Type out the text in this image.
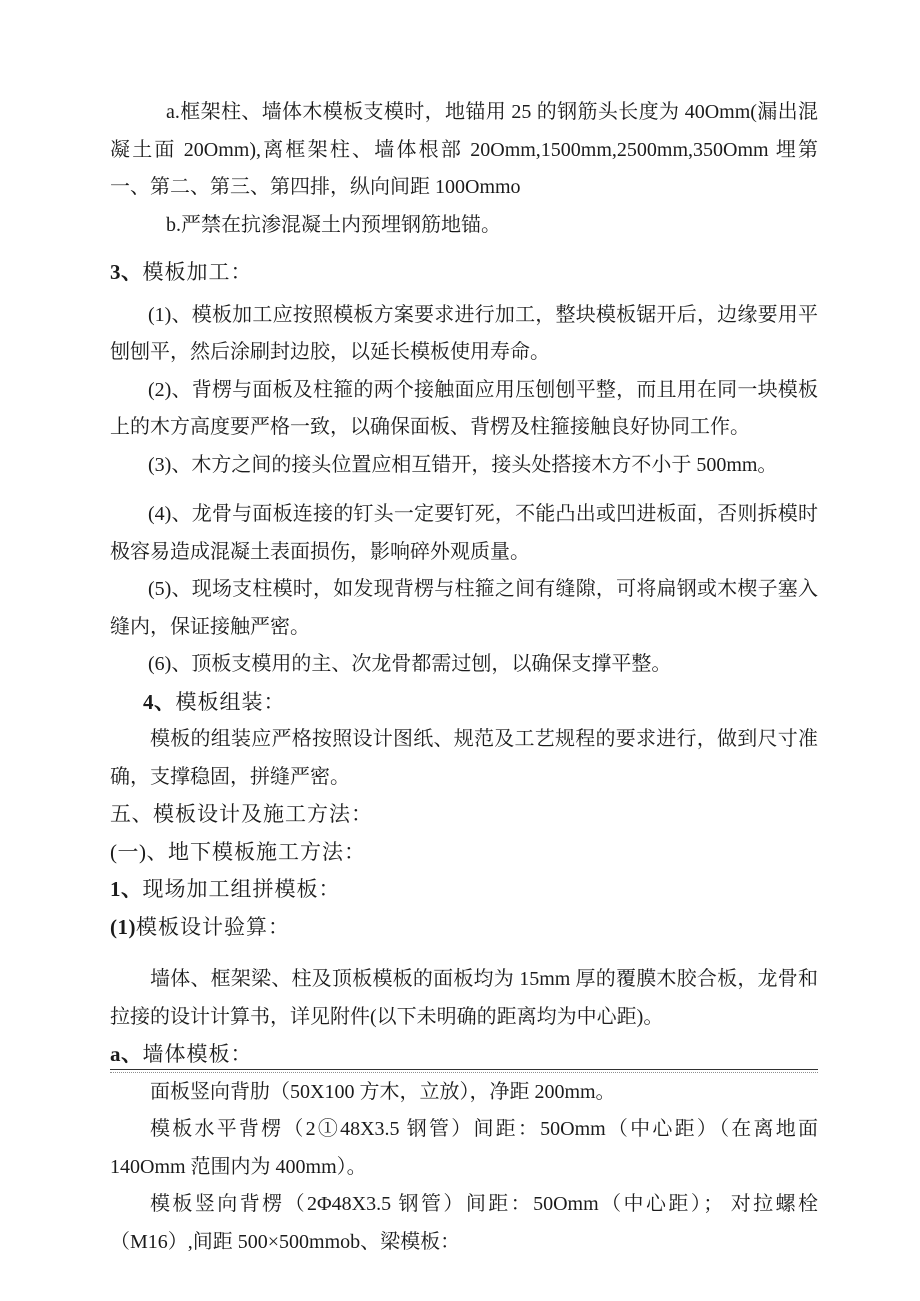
a.框架柱、墙体木模板支模时，地锚用 25 的钢筋头长度为 40Omm(漏出混凝土面 20Omm),离框架柱、墙体根部 20Omm,1500mm,2500mm,350Omm 埋第一、第二、第三、第四排，纵向间距 100Ommo

b.严禁在抗渗混凝土内预埋钢筋地锚。

3、模板加工：

(1)、模板加工应按照模板方案要求进行加工，整块模板锯开后，边缘要用平刨刨平，然后涂刷封边胶，以延长模板使用寿命。

(2)、背楞与面板及柱箍的两个接触面应用压刨刨平整，而且用在同一块模板上的木方高度要严格一致，以确保面板、背楞及柱箍接触良好协同工作。

(3)、木方之间的接头位置应相互错开，接头处搭接木方不小于 500mm。

(4)、龙骨与面板连接的钉头一定要钉死，不能凸出或凹进板面，否则拆模时极容易造成混凝土表面损伤，影响碎外观质量。

(5)、现场支柱模时，如发现背楞与柱箍之间有缝隙，可将扁钢或木楔子塞入缝内，保证接触严密。

(6)、顶板支模用的主、次龙骨都需过刨，以确保支撑平整。

4、模板组装：

模板的组装应严格按照设计图纸、规范及工艺规程的要求进行，做到尺寸准确，支撑稳固，拼缝严密。

五、模板设计及施工方法：
(一)、地下模板施工方法：
1、现场加工组拼模板：
(1)模板设计验算：

墙体、框架梁、柱及顶板模板的面板均为 15mm 厚的覆膜木胶合板，龙骨和拉接的设计计算书，详见附件(以下未明确的距离均为中心距)。

a、墙体模板：

面板竖向背肋（50X100 方木，立放），净距 200mm。

模板水平背楞（2①48X3.5 钢管）间距：50Omm（中心距）（在离地面 140Omm 范围内为 400mm）。

模板竖向背楞（2Φ48X3.5 钢管）间距：50Omm（中心距）； 对拉螺栓（M16）,间距 500×500mmob、梁模板：
